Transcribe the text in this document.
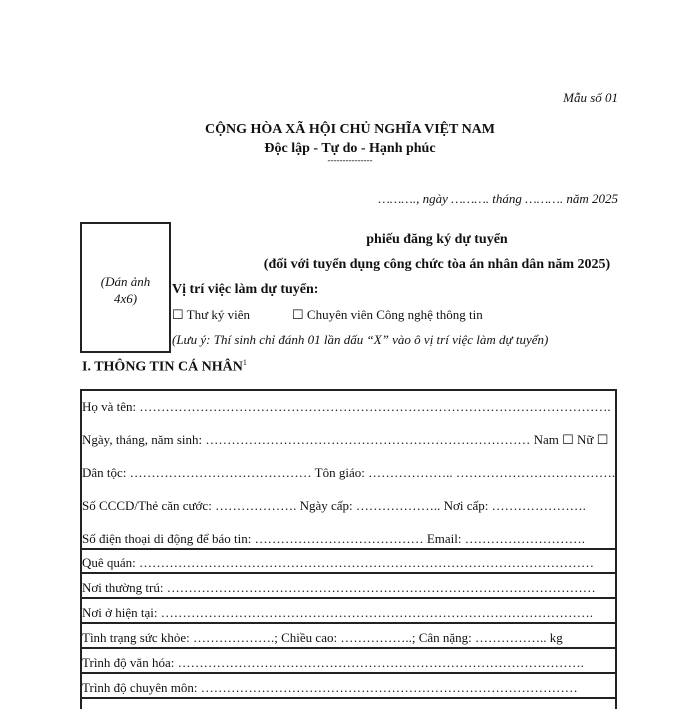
Mẫu số 01
CỘNG HÒA XÃ HỘI CHỦ NGHĨA VIỆT NAM
Độc lập - Tự do - Hạnh phúc
---------------
………., ngày ………. tháng ………. năm 2025
(Dán ảnh
4x6)
phiếu đăng ký dự tuyển
(đối với tuyển dụng công chức tòa án nhân dân năm 2025)
Vị trí việc làm dự tuyển:
☐ Thư ký viên	☐ Chuyên viên Công nghệ thông tin
(Lưu ý: Thí sinh chỉ đánh 01 lần dấu “X” vào ô vị trí việc làm dự tuyển)
I. THÔNG TIN CÁ NHÂN$^1$
Họ và tên: ……………………………………………………………………………………………….
Ngày, tháng, năm sinh: ………………………………………………………………… Nam ☐ Nữ ☐
Dân tộc: …………………………………… Tôn giáo: ……………….. ……………………………….
Số CCCD/Thẻ căn cước: ………………. Ngày cấp: ……………….. Nơi cấp: ………………….
Số điện thoại di động để báo tin: ………………………………… Email: ……………………….
Quê quán: ……………………………………………………………………………………………
Nơi thường trú: ………………………………………………………………………………………
Nơi ở hiện tại: ……………………………………………………………………………………….
Tình trạng sức khỏe: ……………….; Chiều cao: ……………..; Cân nặng: …………….. kg
Trình độ văn hóa: ………………………………………………………………………………….
Trình độ chuyên môn: ……………………………………………………………………………
